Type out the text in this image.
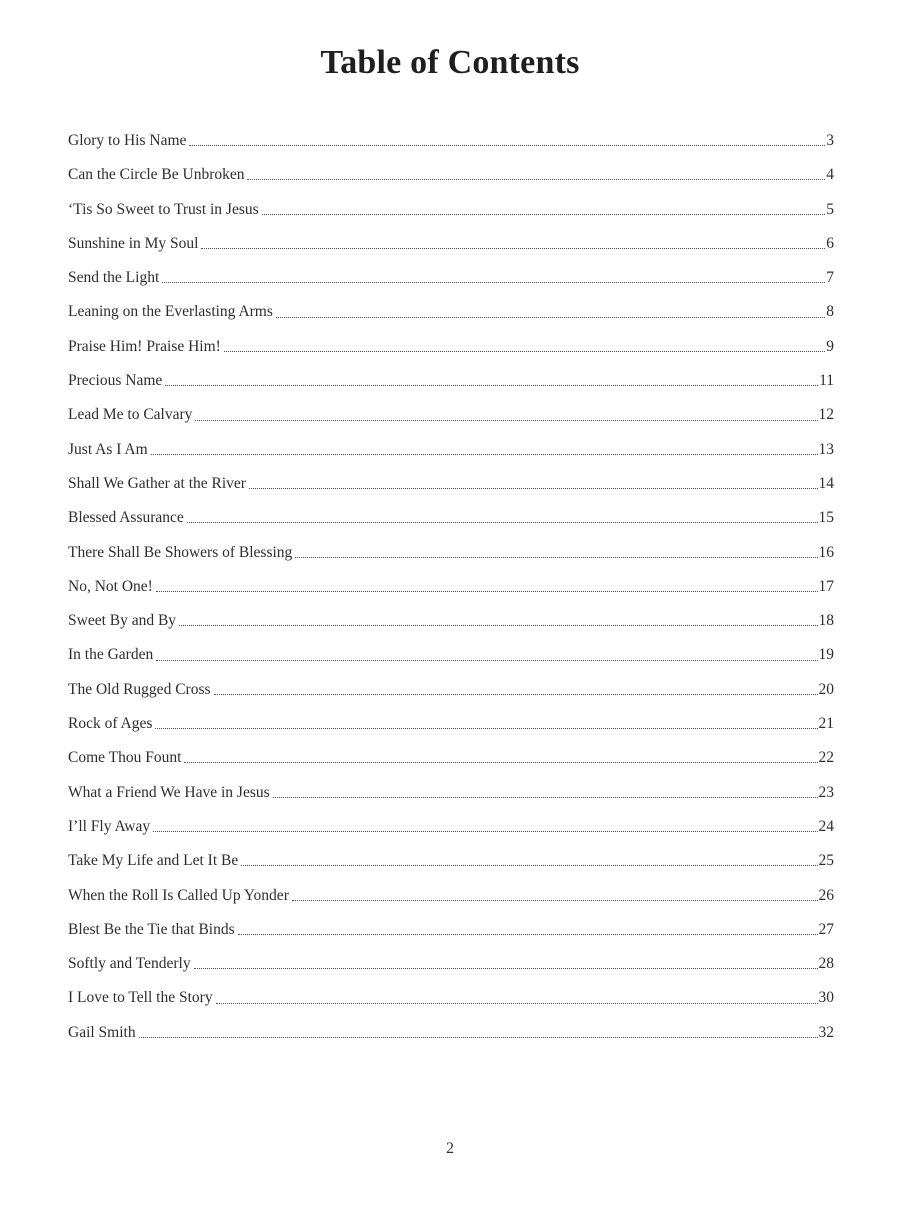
Table of Contents
Glory to His Name	3
Can the Circle Be Unbroken	4
‘Tis So Sweet to Trust in Jesus	5
Sunshine in My Soul	6
Send the Light	7
Leaning on the Everlasting Arms	8
Praise Him! Praise Him!	9
Precious Name	11
Lead Me to Calvary	12
Just As I Am	13
Shall We Gather at the River	14
Blessed Assurance	15
There Shall Be Showers of Blessing	16
No, Not One!	17
Sweet By and By	18
In the Garden	19
The Old Rugged Cross	20
Rock of Ages	21
Come Thou Fount	22
What a Friend We Have in Jesus	23
I’ll Fly Away	24
Take My Life and Let It Be	25
When the Roll Is Called Up Yonder	26
Blest Be the Tie that Binds	27
Softly and Tenderly	28
I Love to Tell the Story	30
Gail Smith	32
2
